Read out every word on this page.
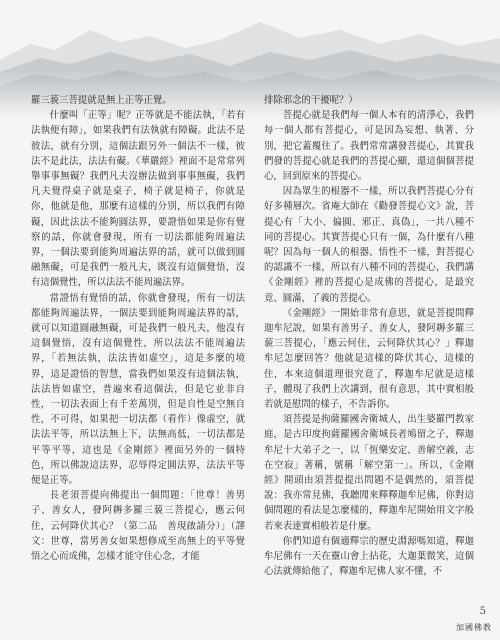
羅三藐三菩提就是無上正等正覺。

什麼叫「正等」呢？正等就是不能法執，「若有法執便有障」，如果我們有法執就有障礙。此法不是彼法，就有分別，這個法跟另外一個法不一樣，彼法不是此法，法法有礙。《華嚴經》裡面不是常常列舉事事無礙？我們凡夫沒辦法做到事事無礙，我們凡夫覺得桌子就是桌子，椅子就是椅子，你就是你，他就是他，那麼有這樣的分別，所以我們有障礙，因此法法不能夠圓法界，要證悟如果是你有覺察的話，你就會發現，所有一切法都能夠周遍法界，一個法要到能夠周遍法界的話，就可以做到圓融無礙，可是我們一般凡夫，既沒有這個覺悟，沒有這個覺性，所以法法不能周遍法界。

當證悟有覺悟的話，你就會發現，所有一切法都能夠周遍法界，一個法要到能夠周遍法界的話，就可以知道圓融無礙，可是我們一般凡夫，他沒有這個覺悟，沒有這個覺性，所以法法不能周遍法界，「若無法執，法法皆如虛空」，這是多麼的境界，這是證悟的智慧，當我們如果沒有這個法執，法法皆如虛空，普遍來看這個法，但是它並非自性，一切法表面上有千差萬別，但是自性是空無自性，不可得，如果把一切法都（看作）像虛空，就法法平等，所以法無上下，法無高低，一切法都是平等平等，這也是《金剛經》裡面另外的一個特色，所以佛說這法界，忍辱得定圓法界，法法平等便是正等。

長老須菩提向佛提出一個問題：「世尊！善男子、善女人，發阿耨多羅三藐三菩提心，應云何住，云何降伏其心？（第二品　善現啟請分）」（譯文：世尊，當男善女如果想修成至高無上的平等覺悟之心而成佛，怎樣才能守住心念，才能

排除邪念的干擾呢？）

菩提心就是我們每一個人本有的清淨心，我們每一個人都有菩提心，可是因為妄想、執著、分別，把它蓋覆住了。我們常常講發菩提心，其實我們發的菩提心就是我們的菩提心顯，還這個個菩提心，回到原來的菩提心。

因為眾生的根器不一樣，所以我們菩提心分有好多種層次。省庵大師在《勸發菩提心文》說，菩提心有「大小、偏圓、邪正、真偽」，一共八種不同的菩提心。其實菩提心只有一個，為什麼有八種呢？因為每一個人的根器、悟性不一樣，對菩提心的認識不一樣，所以有八種不同的菩提心，我們講《金剛經》裡的菩提心是成佛的菩提心，是最究竟、圓滿，了義的菩提心。

《金剛經》一開始非常有意思，就是菩提問釋迦牟尼說，如果有善男子、善女人，發阿耨多羅三藐三菩提心，「應云何住，云何降伏其心？」釋迦牟尼怎麼回答？他就是這樣的降伏其心，這樣的住，本來這個道理很究竟了，釋迦牟尼就是這樣子，體現了我們上次講到，很有意思，其中實相般若就是慰問的樣子，不告訴你。

須菩提是拘薩羅國舍衛城人，出生婆羅門教家庭，是古印度拘薩羅國舍衛城長者鳩留之子，釋迦牟尼十大弟子之一，以「恆樂安定、善解空義，志在空寂」著稱，號稱「解空第一」。所以，《金剛經》開頭由須菩提提出問題不是偶然的，須菩提說：我亦常見佛，我聽聞來釋釋迦牟尼佛，你對這個問題的看法是怎麼樣的，釋迦牟尼開始用文字般若來表達實相般若是什麼。

你們知道有個適釋宗的歷史淵源嗎知道，釋迦牟尼佛有一天在靈山會上拈花，大迦葉微笑，這個心法就傳給他了，釋迦牟尼佛人家不懂，不

5
加國佛教
